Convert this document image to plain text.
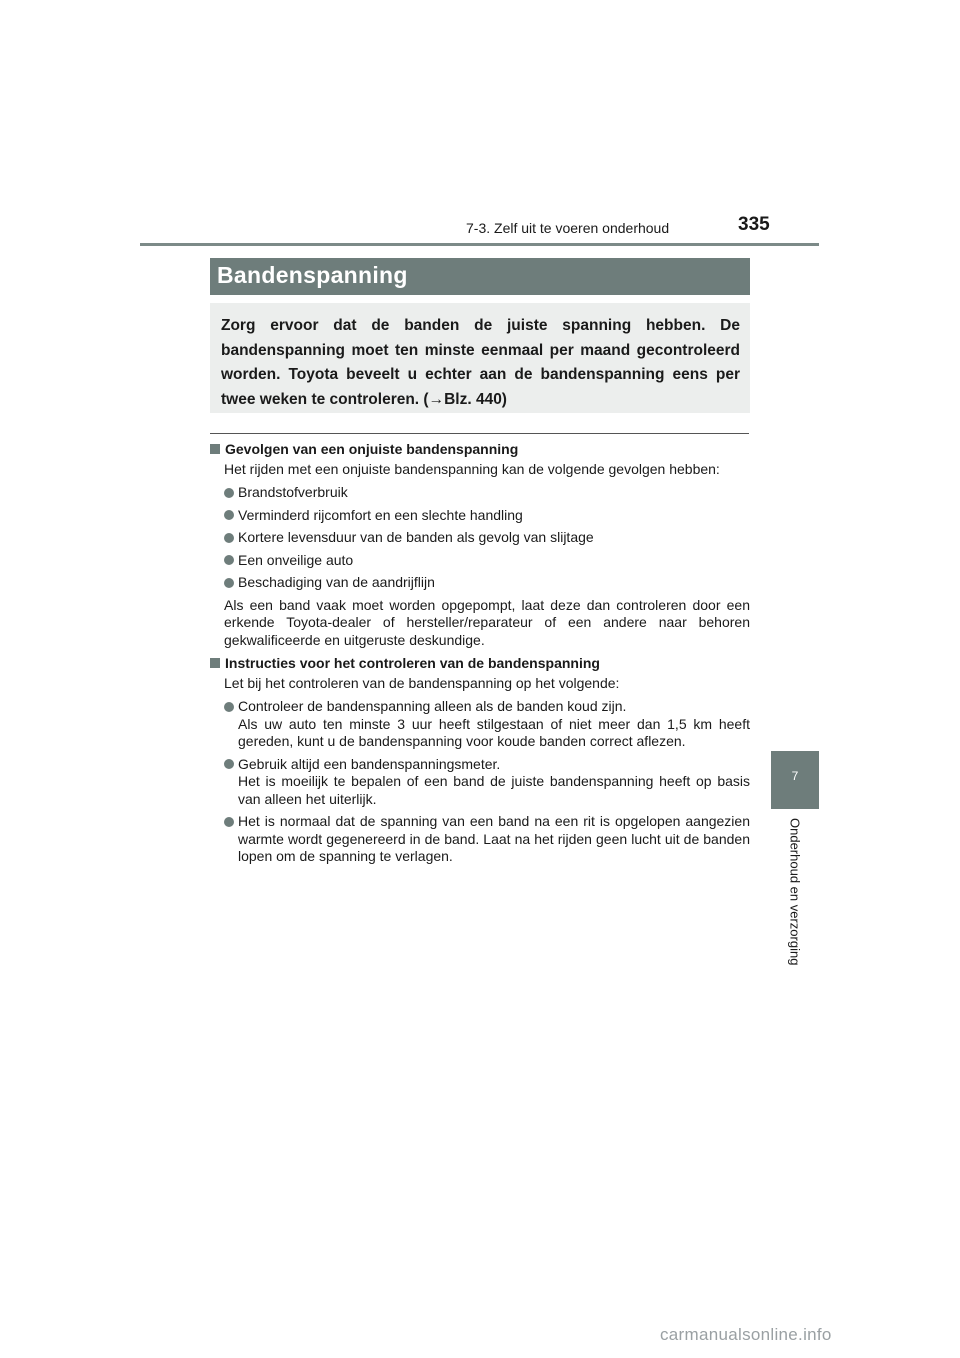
7-3. Zelf uit te voeren onderhoud	335
Bandenspanning
Zorg ervoor dat de banden de juiste spanning hebben. De bandenspanning moet ten minste eenmaal per maand gecontroleerd worden. Toyota beveelt u echter aan de bandenspanning eens per twee weken te controleren. (→Blz. 440)
Gevolgen van een onjuiste bandenspanning
Het rijden met een onjuiste bandenspanning kan de volgende gevolgen hebben:
Brandstofverbruik
Verminderd rijcomfort en een slechte handling
Kortere levensduur van de banden als gevolg van slijtage
Een onveilige auto
Beschadiging van de aandrijflijn
Als een band vaak moet worden opgepompt, laat deze dan controleren door een erkende Toyota-dealer of hersteller/reparateur of een andere naar behoren gekwalificeerde en uitgeruste deskundige.
Instructies voor het controleren van de bandenspanning
Let bij het controleren van de bandenspanning op het volgende:
Controleer de bandenspanning alleen als de banden koud zijn.
Als uw auto ten minste 3 uur heeft stilgestaan of niet meer dan 1,5 km heeft gereden, kunt u de bandenspanning voor koude banden correct aflezen.
Gebruik altijd een bandenspanningsmeter.
Het is moeilijk te bepalen of een band de juiste bandenspanning heeft op basis van alleen het uiterlijk.
Het is normaal dat de spanning van een band na een rit is opgelopen aangezien warmte wordt gegenereerd in de band. Laat na het rijden geen lucht uit de banden lopen om de spanning te verlagen.
7
Onderhoud en verzorging
carmanualsonline.info
